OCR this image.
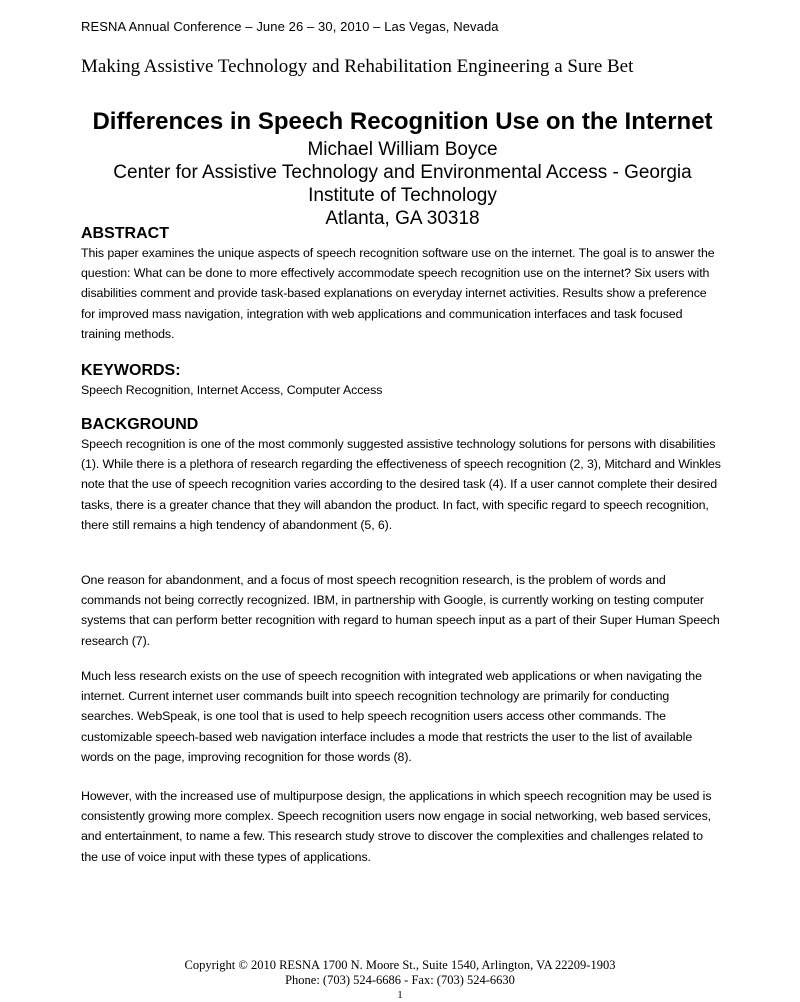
RESNA Annual Conference – June 26 – 30, 2010 – Las Vegas, Nevada
Making Assistive Technology and Rehabilitation Engineering a Sure Bet
Differences in Speech Recognition Use on the Internet
Michael William Boyce
Center for Assistive Technology and Environmental Access - Georgia
Institute of Technology
Atlanta, GA 30318
ABSTRACT

This paper examines the unique aspects of speech recognition software use on the internet. The goal is to answer the question: What can be done to more effectively accommodate speech recognition use on the internet? Six users with disabilities comment and provide task-based explanations on everyday internet activities. Results show a preference for improved mass navigation, integration with web applications and communication interfaces and task focused training methods.

KEYWORDS:

Speech Recognition, Internet Access, Computer Access

BACKGROUND

Speech recognition is one of the most commonly suggested assistive technology solutions for persons with disabilities (1). While there is a plethora of research regarding the effectiveness of speech recognition (2, 3), Mitchard and Winkles note that the use of speech recognition varies according to the desired task (4). If a user cannot complete their desired tasks, there is a greater chance that they will abandon the product. In fact, with specific regard to speech recognition, there still remains a high tendency of abandonment (5, 6).

One reason for abandonment, and a focus of most speech recognition research, is the problem of words and commands not being correctly recognized. IBM, in partnership with Google, is currently working on testing computer systems that can perform better recognition with regard to human speech input as a part of their Super Human Speech research (7).

Much less research exists on the use of speech recognition with integrated web applications or when navigating the internet. Current internet user commands built into speech recognition technology are primarily for conducting searches. WebSpeak, is one tool that is used to help speech recognition users access other commands. The customizable speech-based web navigation interface includes a mode that restricts the user to the list of available words on the page, improving recognition for those words (8).

However, with the increased use of multipurpose design, the applications in which speech recognition may be used is consistently growing more complex. Speech recognition users now engage in social networking, web based services, and entertainment, to name a few. This research study strove to discover the complexities and challenges related to the use of voice input with these types of applications.

Copyright © 2010 RESNA 1700 N. Moore St., Suite 1540, Arlington, VA 22209-1903
Phone: (703) 524-6686 - Fax: (703) 524-6630
1
